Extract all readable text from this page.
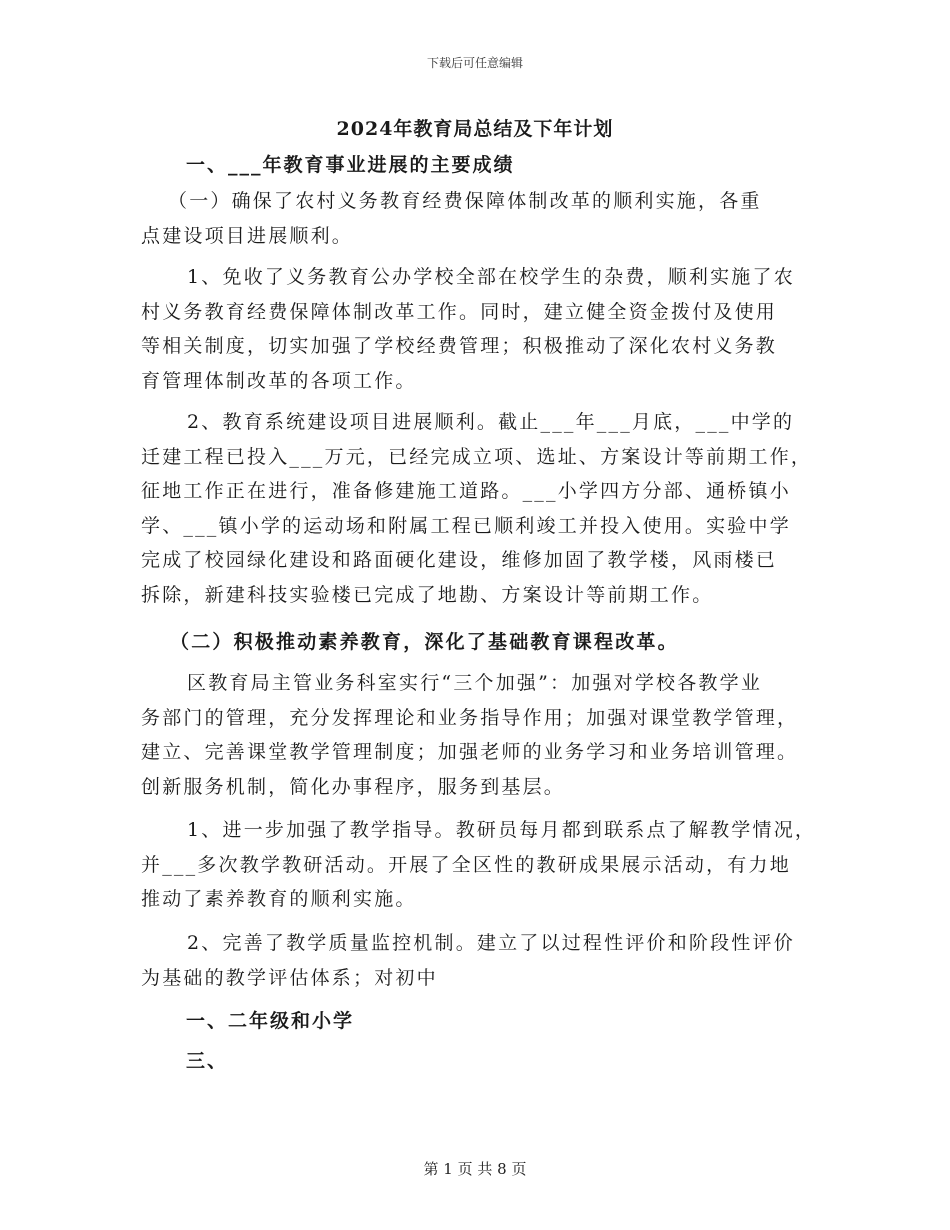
下载后可任意编辑
2024年教育局总结及下年计划
一、___年教育事业进展的主要成绩
（一）确保了农村义务教育经费保障体制改革的顺利实施，各重
点建设项目进展顺利。
1、免收了义务教育公办学校全部在校学生的杂费，顺利实施了农
村义务教育经费保障体制改革工作。同时，建立健全资金拨付及使用
等相关制度，切实加强了学校经费管理；积极推动了深化农村义务教
育管理体制改革的各项工作。
2、教育系统建设项目进展顺利。截止___年___月底，___中学的
迁建工程已投入___万元，已经完成立项、选址、方案设计等前期工作，
征地工作正在进行，准备修建施工道路。___小学四方分部、通桥镇小
学、___镇小学的运动场和附属工程已顺利竣工并投入使用。实验中学
完成了校园绿化建设和路面硬化建设，维修加固了教学楼，风雨楼已
拆除，新建科技实验楼已完成了地勘、方案设计等前期工作。
（二）积极推动素养教育，深化了基础教育课程改革。
区教育局主管业务科室实行“三个加强”：加强对学校各教学业
务部门的管理，充分发挥理论和业务指导作用；加强对课堂教学管理，
建立、完善课堂教学管理制度；加强老师的业务学习和业务培训管理。
创新服务机制，简化办事程序，服务到基层。
1、进一步加强了教学指导。教研员每月都到联系点了解教学情况，
并___多次教学教研活动。开展了全区性的教研成果展示活动，有力地
推动了素养教育的顺利实施。
2、完善了教学质量监控机制。建立了以过程性评价和阶段性评价
为基础的教学评估体系；对初中
一、二年级和小学
三、
第 1 页 共 8 页
